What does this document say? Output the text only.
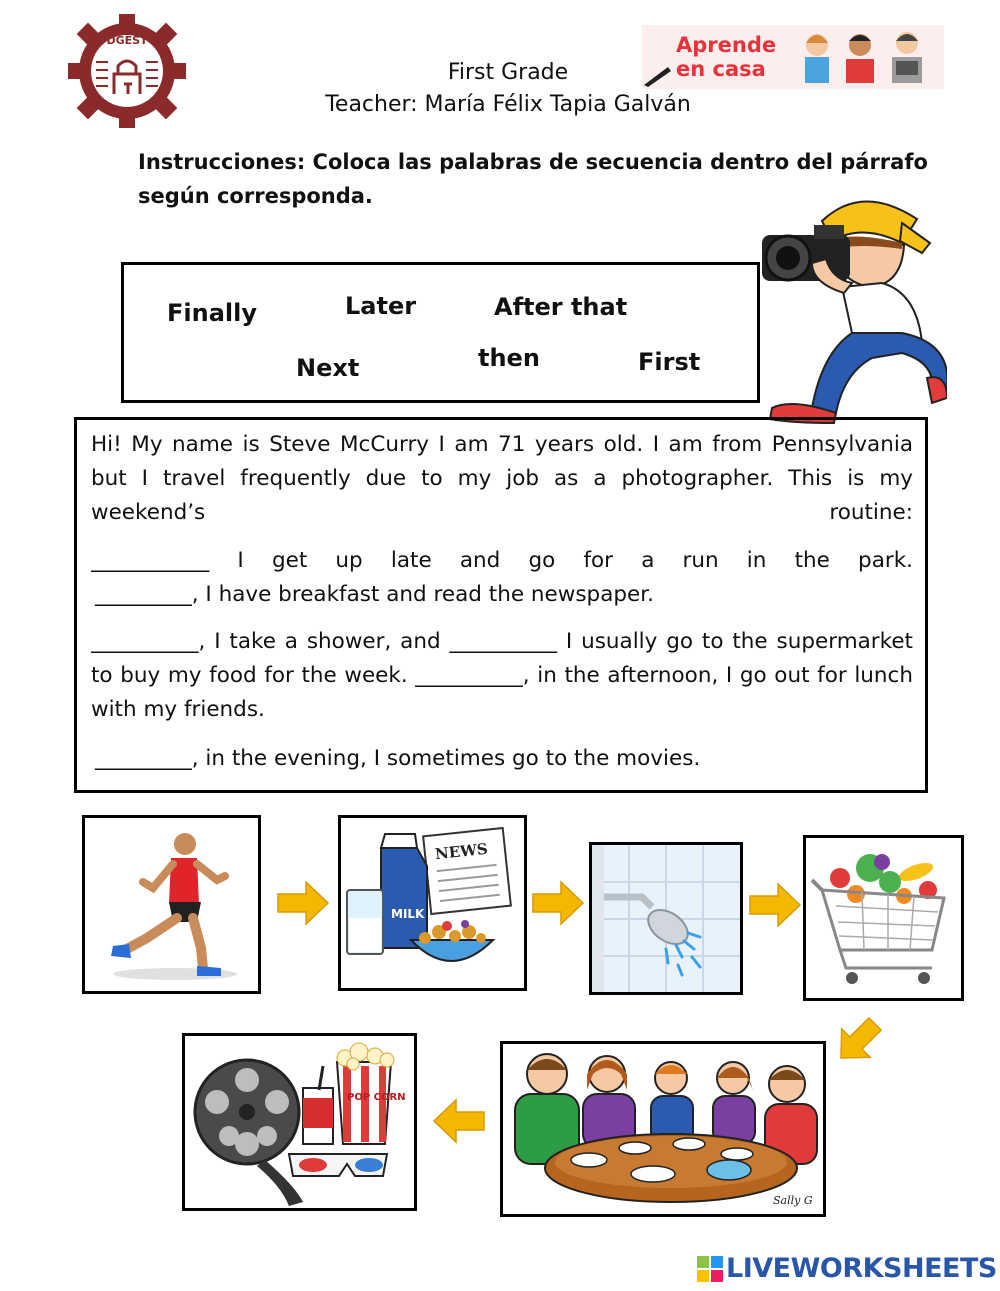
DGEST
First Grade
Teacher: María Félix Tapia Galván
Aprende
en casa
Instrucciones: Coloca las palabras de secuencia dentro del párrafo según corresponda.
Finally	Later	After that
Next	then	First

Hi! My name is Steve McCurry I am 71 years old. I am from Pennsylvania but I travel frequently due to my job as a photographer. This is my weekend’s routine:

___________ I get up late and go for a run in the park.

_________, I have breakfast and read the newspaper.

__________, I take a shower, and __________ I usually go to the supermarket

to buy my food for the week. __________, in the afternoon, I go out for lunch

with my friends.

_________, in the evening, I sometimes go to the movies.

NEWS
MILK
Sally G
POP CORN
LIVEWORKSHEETS
